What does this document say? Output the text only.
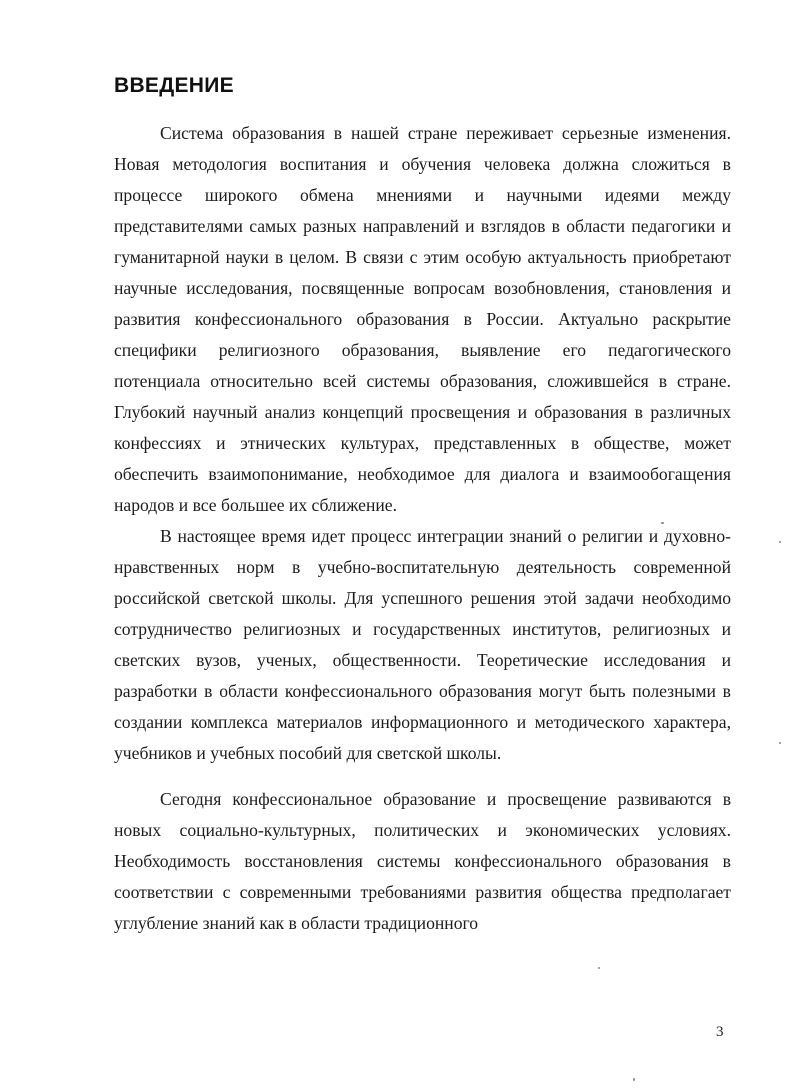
ВВЕДЕНИЕ

Система образования в нашей стране переживает серьезные изменения. Новая методология воспитания и обучения человека должна сложиться в процессе широкого обмена мнениями и научными идеями между представителями самых разных направлений и взглядов в области педагогики и гуманитарной науки в целом. В связи с этим особую актуальность приобретают научные исследования, посвященные вопросам возобновления, становления и развития конфессионального образования в России. Актуально раскрытие специфики религиозного образования, выявление его педагогического потенциала относительно всей системы образования, сложившейся в стране. Глубокий научный анализ концепций просвещения и образования в различных конфессиях и этнических культурах, представленных в обществе, может обеспечить взаимопонимание, необходимое для диалога и взаимообогащения народов и все большее их сближение.

В настоящее время идет процесс интеграции знаний о религии и духовно-нравственных норм в учебно-воспитательную деятельность современной российской светской школы. Для успешного решения этой задачи необходимо сотрудничество религиозных и государственных институтов, религиозных и светских вузов, ученых, общественности. Теоретические исследования и разработки в области конфессионального образования могут быть полезными в создании комплекса материалов информационного и методического характера, учебников и учебных пособий для светской школы.

Сегодня конфессиональное образование и просвещение развиваются в новых социально-культурных, политических и экономических условиях. Необходимость восстановления системы конфессионального образования в соответствии с современными требованиями развития общества предполагает углубление знаний как в области традиционного

3
